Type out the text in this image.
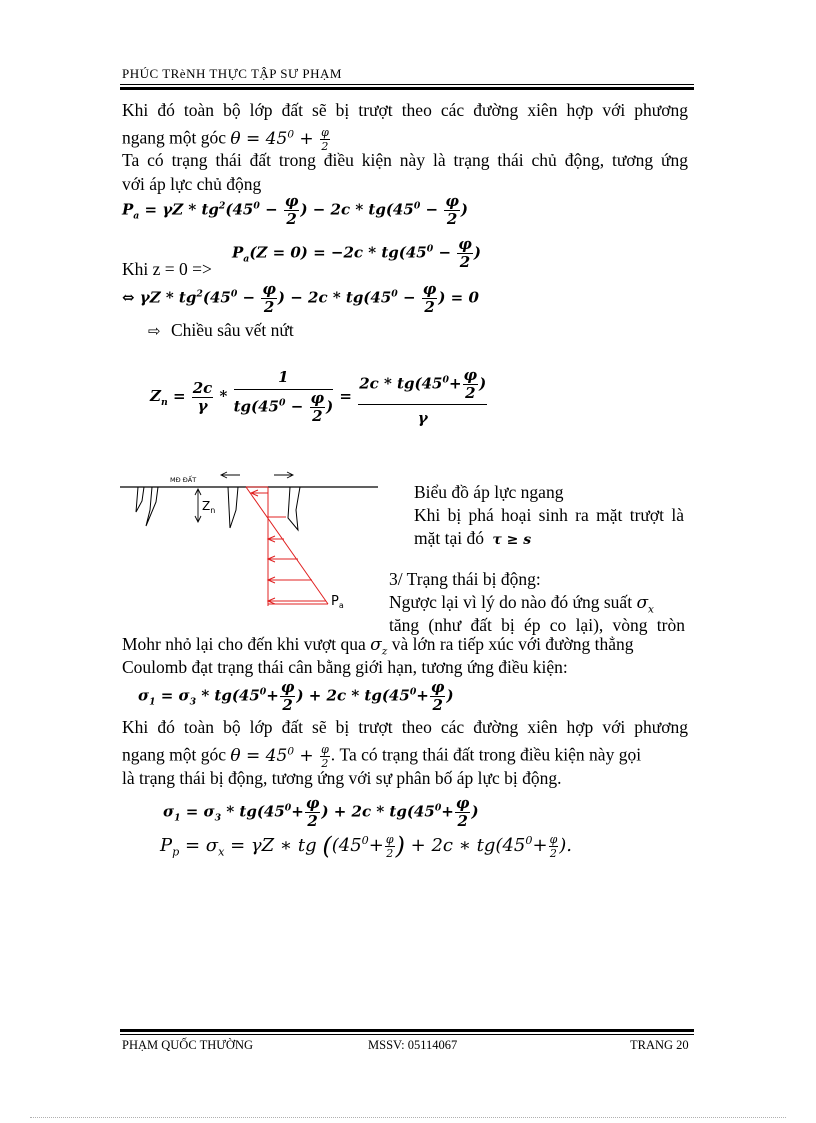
PHÚC TRèNH THỰC TẬP SƯ PHẠM
Khi đó toàn bộ lớp đất sẽ bị trượt theo các đường xiên hợp với phương
ngang một góc $\theta = 45^0 + \frac{\varphi}{2}$
Ta có trạng thái đất trong điều kiện này là trạng thái chủ động, tương ứng
với áp lực chủ động
$P_a = \gamma Z * tg^2(45^0 - \frac{\varphi}{2}$ ) − $2c * tg(45^0 - \frac{\varphi}{2}$ )
$P_a(Z = 0) = -2c * tg(45^0 - \frac{\varphi}{2}$ )
Khi z = 0 =>
⇔ $\gamma Z * tg^2(45^0 - \frac{\varphi}{2}$ ) − $2c * tg(45^0 - \frac{\varphi}{2}$ ) = 0
⇨ Chiều sâu vết nứt
$Z_n = \frac{2c}{\gamma} * \frac{1}{tg(45^0 - \frac{\varphi}{2} )} = \frac{2c * tg(45^0+ \frac{\varphi}{2} )}{\gamma}$
MĐ ĐẤT
$Z_n$
$P_a$
Biểu đồ áp lực ngang
Khi bị phá hoại sinh ra mặt trượt là
mặt tại đó τ ≥ s
3/ Trạng thái bị động:
Ngược lại vì lý do nào đó ứng suất $\sigma_x$
tăng (như đất bị ép co lại), vòng tròn
Mohr nhỏ lại cho đến khi vượt qua $\sigma_z$ và lớn ra tiếp xúc với đường thẳng
Coulomb đạt trạng thái cân bằng giới hạn, tương ứng điều kiện:
$\sigma_1 = \sigma_3 * tg(45^0+ \frac{\varphi}{2}$ ) + $2c * tg(45^0+ \frac{\varphi}{2}$ )
Khi đó toàn bộ lớp đất sẽ bị trượt theo các đường xiên hợp với phương
ngang một góc $\theta = 45^0 + \frac{\varphi}{2}$ . Ta có trạng thái đất trong điều kiện này gọi
là trạng thái bị động, tương ứng với sự phân bố áp lực bị động.
$\sigma_1 = \sigma_3 * tg(45^0+ \frac{\varphi}{2}$ ) + $2c * tg(45^0+ \frac{\varphi}{2}$ )
$P_p = \sigma_x = \gamma Z$ ∗ tg (($45^0+ \frac{\varphi}{2}$ ) + 2c ∗ $tg(45^0+ \frac{\varphi}{2}$ ).
PHẠM QUỐC THƯỜNG	MSSV: 05114067	TRANG 20
